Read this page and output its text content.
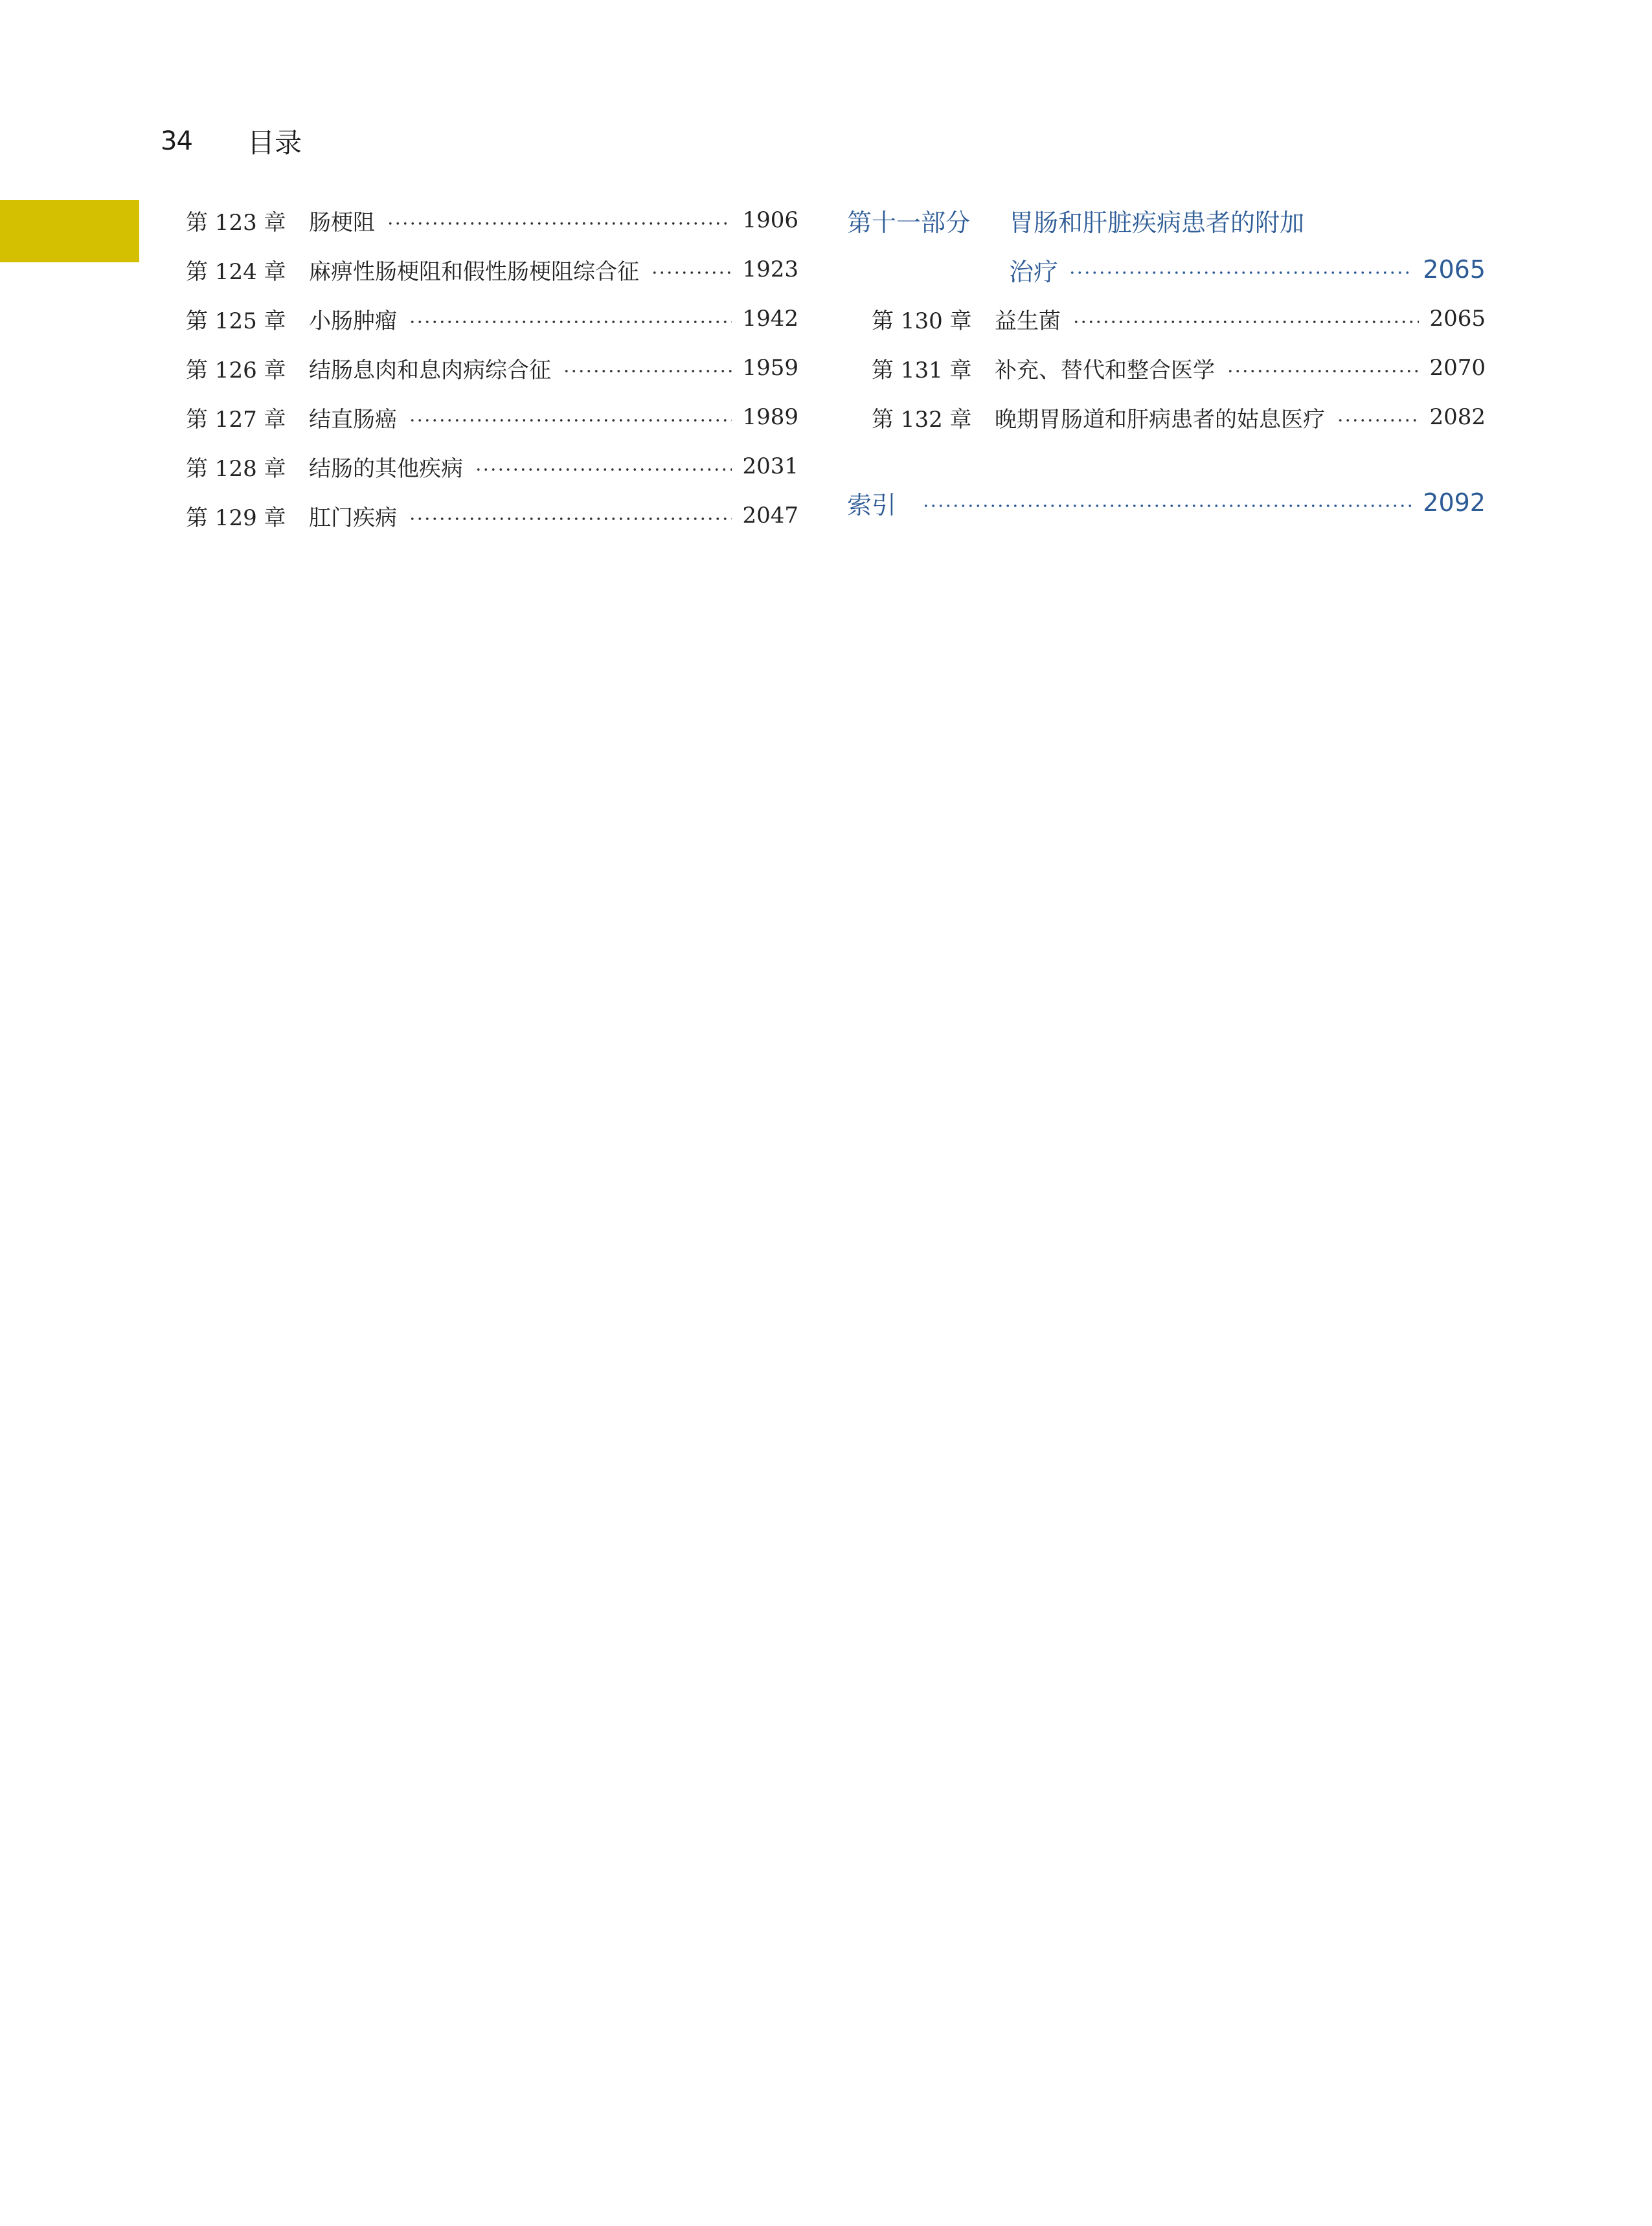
34	目录
第 123 章	肠梗阻	1906
第 124 章	麻痹性肠梗阻和假性肠梗阻综合征	1923
第 125 章	小肠肿瘤	1942
第 126 章	结肠息肉和息肉病综合征	1959
第 127 章	结直肠癌	1989
第 128 章	结肠的其他疾病	2031
第 129 章	肛门疾病	2047
第十一部分	胃肠和肝脏疾病患者的附加
治疗	2065
第 130 章	益生菌	2065
第 131 章	补充、替代和整合医学	2070
第 132 章	晚期胃肠道和肝病患者的姑息医疗	2082
索引	2092
